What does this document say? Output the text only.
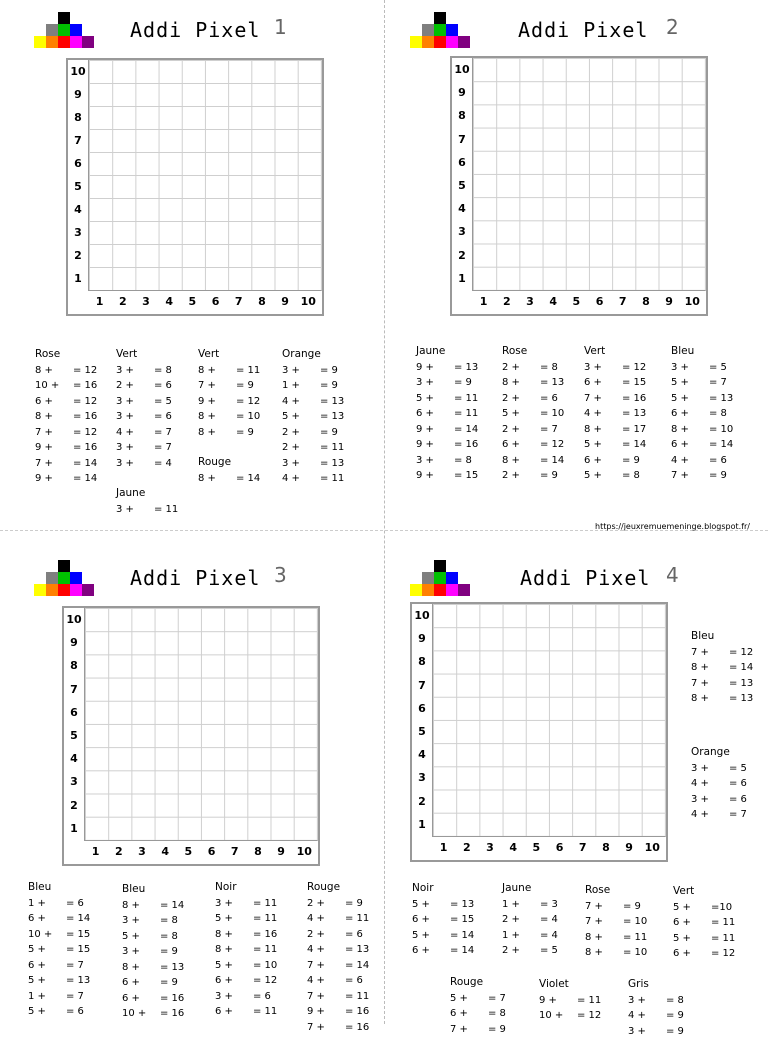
Addi Pixel 1
10
9
8
7
6
5
4
3
2
1
1	2	3	4	5	6	7	8	9	10
Rose
8 + = 12
10 + = 16
6 + = 12
8 + = 16
7 + = 12
9 + = 16
7 + = 14
9 + = 14
Vert
3 + = 8
2 + = 6
3 + = 5
3 + = 6
4 + = 7
3 + = 7
3 + = 4
Jaune
3 + = 11
Vert
8 + = 11
7 + = 9
9 + = 12
8 + = 10
8 + = 9
Rouge
8 + = 14
Orange
3 + = 9
1 + = 9
4 + = 13
5 + = 13
2 + = 9
2 + = 11
3 + = 13
4 + = 11
Addi Pixel 2
10
9
8
7
6
5
4
3
2
1
1	2	3	4	5	6	7	8	9	10
Jaune
9 + = 13
3 + = 9
5 + = 11
6 + = 11
9 + = 14
9 + = 16
3 + = 8
9 + = 15
Rose
2 + = 8
8 + = 13
2 + = 6
5 + = 10
2 + = 7
6 + = 12
8 + = 14
2 + = 9
Vert
3 + = 12
6 + = 15
7 + = 16
4 + = 13
8 + = 17
5 + = 14
6 + = 9
5 + = 8
Bleu
3 + = 5
5 + = 7
5 + = 13
6 + = 8
8 + = 10
6 + = 14
4 + = 6
7 + = 9
Addi Pixel 3
10
9
8
7
6
5
4
3
2
1
1	2	3	4	5	6	7	8	9	10
Bleu
1 + = 6
6 + = 14
10 + = 15
5 + = 15
6 + = 7
5 + = 13
1 + = 7
5 + = 6
Bleu
8 + = 14
3 + = 8
5 + = 8
3 + = 9
8 + = 13
6 + = 9
6 + = 16
10 + = 16
Noir
3 + = 11
5 + = 11
8 + = 16
8 + = 11
5 + = 10
6 + = 12
3 + = 6
6 + = 11
Rouge
2 + = 9
4 + = 11
2 + = 6
4 + = 13
7 + = 14
4 + = 6
7 + = 11
9 + = 16
7 + = 16
Addi Pixel 4
10
9
8
7
6
5
4
3
2
1
1	2	3	4	5	6	7	8	9	10
Bleu
7 + = 12
8 + = 14
7 + = 13
8 + = 13
Orange
3 + = 5
4 + = 6
3 + = 6
4 + = 7
Noir
5 + = 13
6 + = 15
5 + = 14
6 + = 14
Jaune
1 + = 3
2 + = 4
1 + = 4
2 + = 5
Rose
7 + = 9
7 + = 10
8 + = 11
8 + = 10
Vert
5 + =10
6 + = 11
5 + = 11
6 + = 12
Rouge
5 + = 7
6 + = 8
7 + = 9
Violet
9 + = 11
10 + = 12
Gris
3 + = 8
4 + = 9
3 + = 9
https://jeuxremuemeninge.blogspot.fr/
